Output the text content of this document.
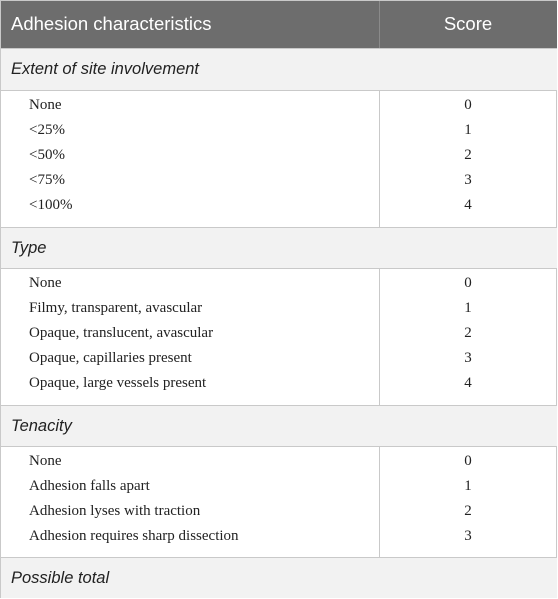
Adhesion characteristics	Score
Extent of site involvement
None	0
<25%	1
<50%	2
<75%	3
<100%	4
Type
None	0
Filmy, transparent, avascular	1
Opaque, translucent, avascular	2
Opaque, capillaries present	3
Opaque, large vessels present	4
Tenacity
None	0
Adhesion falls apart	1
Adhesion lyses with traction	2
Adhesion requires sharp dissection	3
Possible total
